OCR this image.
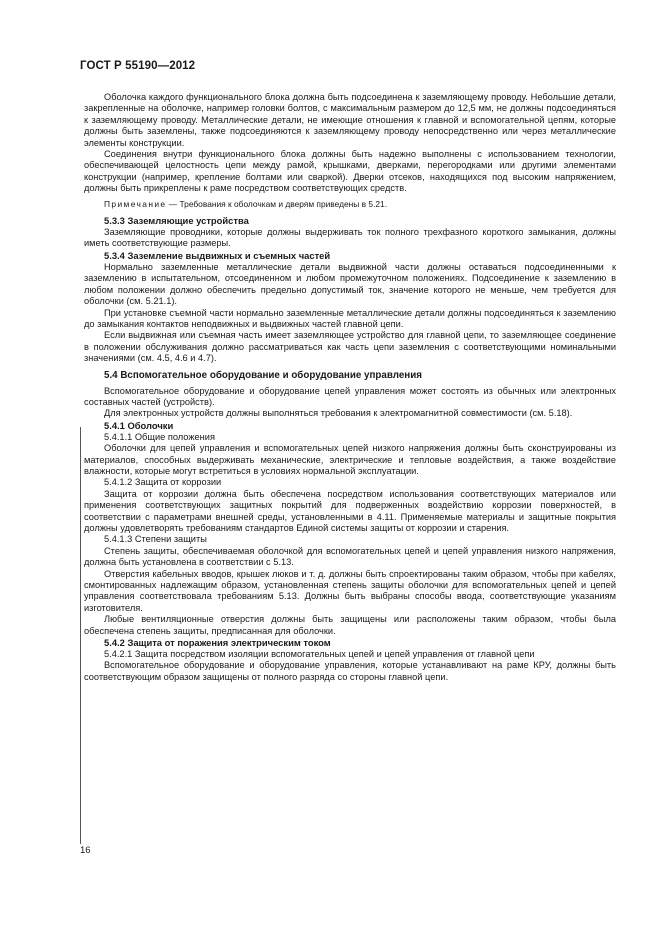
ГОСТ Р 55190—2012

Оболочка каждого функционального блока должна быть подсоединена к заземляющему проводу. Небольшие детали, закрепленные на оболочке, например головки болтов, с максимальным размером до 12,5 мм, не должны подсоединяться к заземляющему проводу. Металлические детали, не имеющие отношения к главной и вспомогательной цепям, которые должны быть заземлены, также подсоединяются к заземляющему проводу непосредственно или через металлические элементы конструкции.

Соединения внутри функционального блока должны быть надежно выполнены с использованием технологии, обеспечивающей целостность цепи между рамой, крышками, дверками, перегородками или другими элементами конструкции (например, крепление болтами или сваркой). Дверки отсеков, находящихся под высоким напряжением, должны быть прикреплены к раме посредством соответствующих средств.

Примечание — Требования к оболочкам и дверям приведены в 5.21.

5.3.3 Заземляющие устройства

Заземляющие проводники, которые должны выдерживать ток полного трехфазного короткого замыкания, должны иметь соответствующие размеры.

5.3.4 Заземление выдвижных и съемных частей

Нормально заземленные металлические детали выдвижной части должны оставаться подсоединенными к заземлению в испытательном, отсоединенном и любом промежуточном положениях. Подсоединение к заземлению в любом положении должно обеспечить предельно допустимый ток, значение которого не меньше, чем требуется для оболочки (см. 5.21.1).

При установке съемной части нормально заземленные металлические детали должны подсоединяться к заземлению до замыкания контактов неподвижных и выдвижных частей главной цепи.

Если выдвижная или съемная часть имеет заземляющее устройство для главной цепи, то заземляющее соединение в положении обслуживания должно рассматриваться как часть цепи заземления с соответствующими номинальными значениями (см. 4.5, 4.6 и 4.7).

5.4 Вспомогательное оборудование и оборудование управления

Вспомогательное оборудование и оборудование цепей управления может состоять из обычных или электронных составных частей (устройств).

Для электронных устройств должны выполняться требования к электромагнитной совместимости (см. 5.18).

5.4.1 Оболочки

5.4.1.1 Общие положения

Оболочки для цепей управления и вспомогательных цепей низкого напряжения должны быть сконструированы из материалов, способных выдерживать механические, электрические и тепловые воздействия, а также воздействие влажности, которые могут встретиться в условиях нормальной эксплуатации.

5.4.1.2 Защита от коррозии

Защита от коррозии должна быть обеспечена посредством использования соответствующих материалов или применения соответствующих защитных покрытий для подверженных воздействию коррозии поверхностей, в соответствии с параметрами внешней среды, установленными в 4.11. Применяемые материалы и защитные покрытия должны удовлетворять требованиям стандартов Единой системы защиты от коррозии и старения.

5.4.1.3 Степени защиты

Степень защиты, обеспечиваемая оболочкой для вспомогательных цепей и цепей управления низкого напряжения, должна быть установлена в соответствии с 5.13.

Отверстия кабельных вводов, крышек люков и т. д. должны быть спроектированы таким образом, чтобы при кабелях, смонтированных надлежащим образом, установленная степень защиты оболочки для вспомогательных цепей и цепей управления соответствовала требованиям 5.13. Должны быть выбраны способы ввода, соответствующие указаниям изготовителя.

Любые вентиляционные отверстия должны быть защищены или расположены таким образом, чтобы была обеспечена степень защиты, предписанная для оболочки.

5.4.2 Защита от поражения электрическим током

5.4.2.1 Защита посредством изоляции вспомогательных цепей и цепей управления от главной цепи

Вспомогательное оборудование и оборудование управления, которые устанавливают на раме КРУ, должны быть соответствующим образом защищены от полного разряда со стороны главной цепи.

16
